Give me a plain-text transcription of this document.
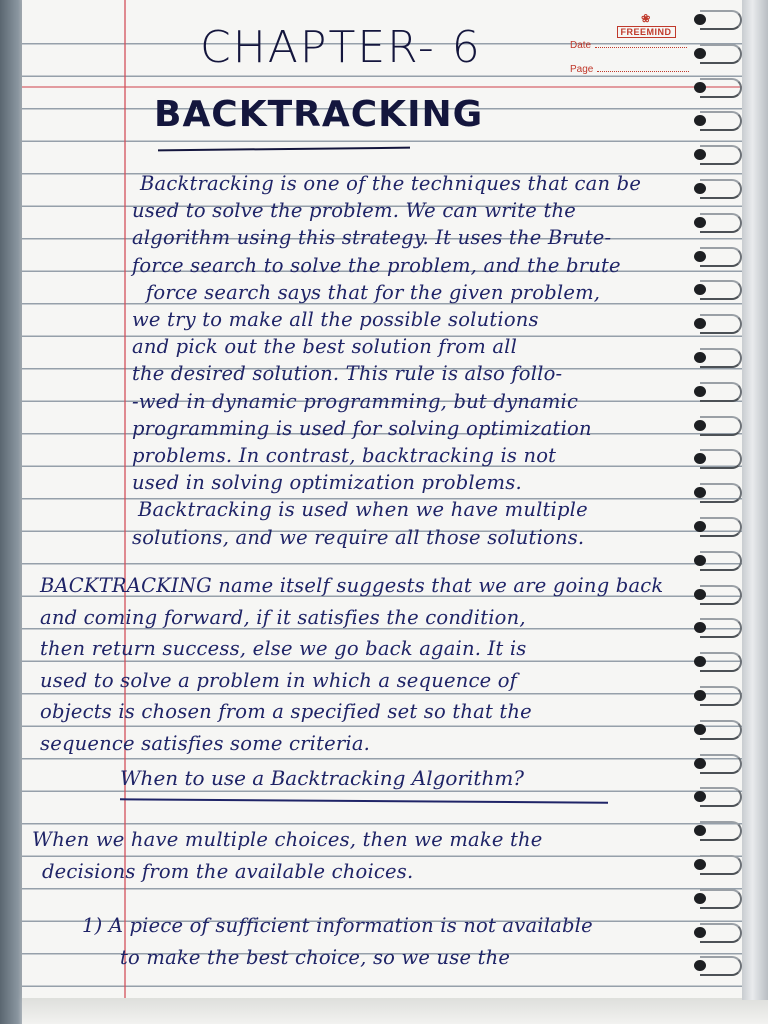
❀
FREEMIND
Date
Page
CHAPTER- 6
BACKTRACKING
Backtracking is one of the techniques that can be
used to solve the problem. We can write the
algorithm using this strategy. It uses the Brute-
force search to solve the problem, and the brute
force search says that for the given problem,
we try to make all the possible solutions
and pick out the best solution from all
the desired solution. This rule is also follo-
-wed in dynamic programming, but dynamic
programming is used for solving optimization
problems. In contrast, backtracking is not
used in solving optimization problems.
Backtracking is used when we have multiple
solutions, and we require all those solutions.
BACKTRACKING name itself suggests that we are going back
and coming forward, if it satisfies the condition,
then return success, else we go back again. It is
used to solve a problem in which a sequence of
objects is chosen from a specified set so that the
sequence satisfies some criteria.
When to use a Backtracking Algorithm?
When we have multiple choices, then we make the
decisions from the available choices.
1) A piece of sufficient information is not available
to make the best choice, so we use the
